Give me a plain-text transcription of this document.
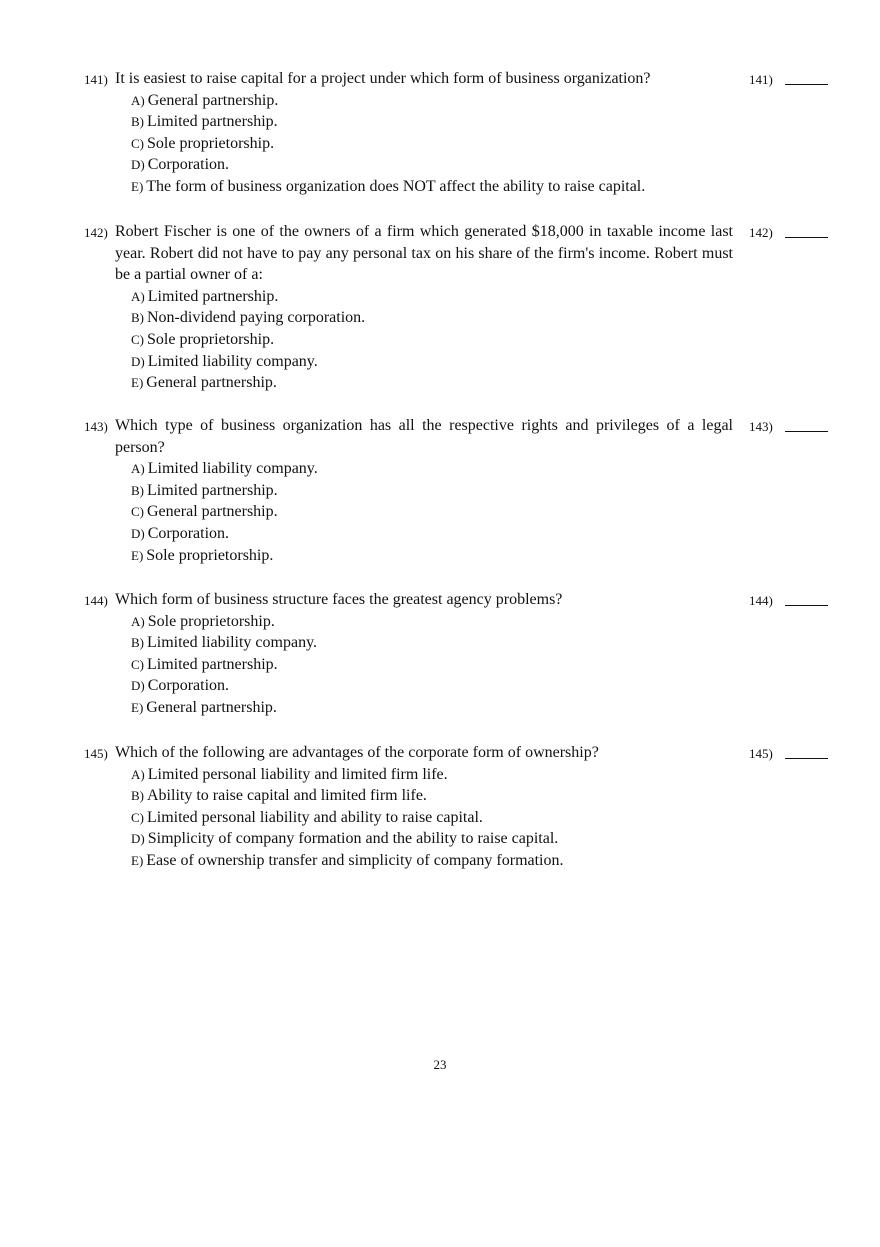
141) It is easiest to raise capital for a project under which form of business organization?
A) General partnership.
B) Limited partnership.
C) Sole proprietorship.
D) Corporation.
E) The form of business organization does NOT affect the ability to raise capital.
141)
142) Robert Fischer is one of the owners of a firm which generated $18,000 in taxable income last year. Robert did not have to pay any personal tax on his share of the firm's income. Robert must be a partial owner of a:
A) Limited partnership.
B) Non-dividend paying corporation.
C) Sole proprietorship.
D) Limited liability company.
E) General partnership.
142)
143) Which type of business organization has all the respective rights and privileges of a legal person?
A) Limited liability company.
B) Limited partnership.
C) General partnership.
D) Corporation.
E) Sole proprietorship.
143)
144) Which form of business structure faces the greatest agency problems?
A) Sole proprietorship.
B) Limited liability company.
C) Limited partnership.
D) Corporation.
E) General partnership.
144)
145) Which of the following are advantages of the corporate form of ownership?
A) Limited personal liability and limited firm life.
B) Ability to raise capital and limited firm life.
C) Limited personal liability and ability to raise capital.
D) Simplicity of company formation and the ability to raise capital.
E) Ease of ownership transfer and simplicity of company formation.
145)
23
